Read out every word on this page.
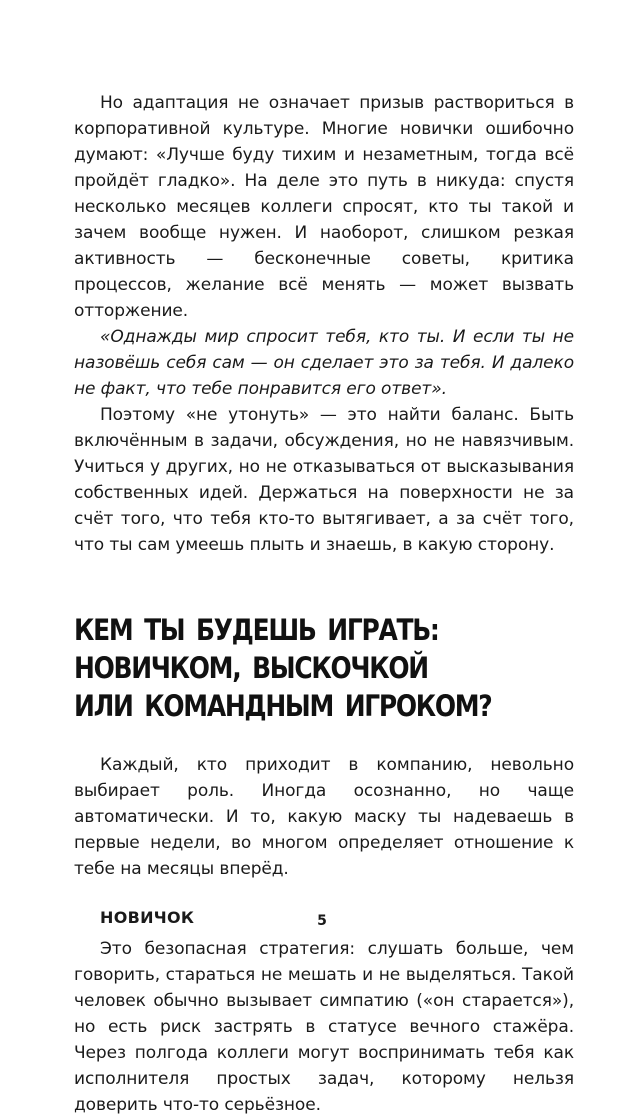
Но адаптация не означает призыв раствориться в корпоративной культуре. Многие новички ошибочно думают: «Лучше буду тихим и незаметным, тогда всё пройдёт гладко». На деле это путь в никуда: спустя несколько месяцев коллеги спросят, кто ты такой и зачем вообще нужен. И наоборот, слишком резкая активность — бесконечные советы, критика процессов, желание всё менять — может вызвать отторжение.

«Однажды мир спросит тебя, кто ты. И если ты не назовёшь себя сам — он сделает это за тебя. И далеко не факт, что тебе понравится его ответ».

Поэтому «не утонуть» — это найти баланс. Быть включённым в задачи, обсуждения, но не навязчивым. Учиться у других, но не отказываться от высказывания собственных идей. Держаться на поверхности не за счёт того, что тебя кто-то вытягивает, а за счёт того, что ты сам умеешь плыть и знаешь, в какую сторону.

КЕМ ТЫ БУДЕШЬ ИГРАТЬ:
НОВИЧКОМ, ВЫСКОЧКОЙ
ИЛИ КОМАНДНЫМ ИГРОКОМ?

Каждый, кто приходит в компанию, невольно выбирает роль. Иногда осознанно, но чаще автоматически. И то, какую маску ты надеваешь в первые недели, во многом определяет отношение к тебе на месяцы вперёд.

НОВИЧОК

Это безопасная стратегия: слушать больше, чем говорить, стараться не мешать и не выделяться. Такой человек обычно вызывает симпатию («он старается»), но есть риск застрять в статусе вечного стажёра. Через полгода коллеги могут воспринимать тебя как исполнителя простых задач, которому нельзя доверить что-то серьёзное.

5
